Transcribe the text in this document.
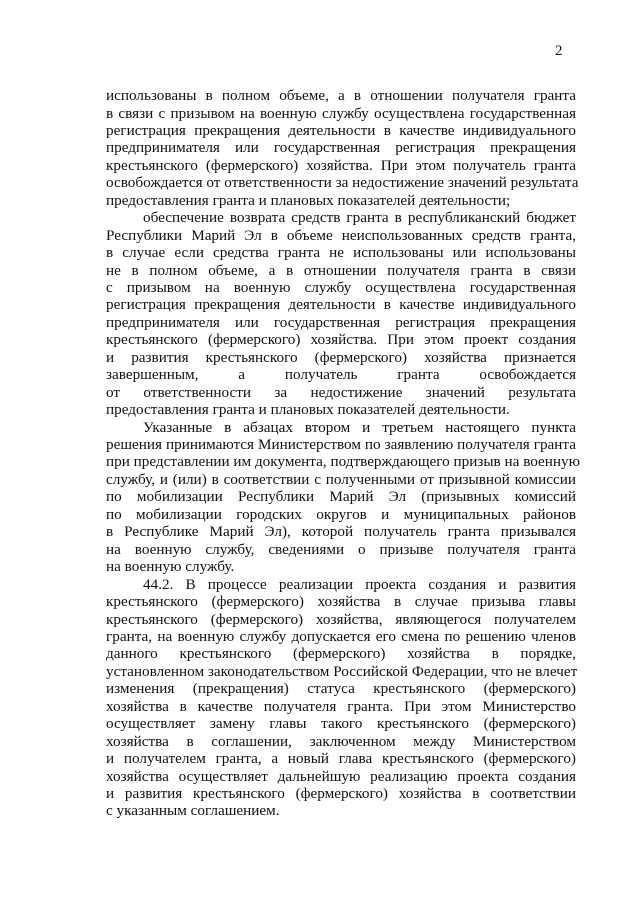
2
использованы в полном объеме, а в отношении получателя гранта
в связи с призывом на военную службу осуществлена государственная
регистрация прекращения деятельности в качестве индивидуального
предпринимателя или государственная регистрация прекращения
крестьянского (фермерского) хозяйства. При этом получатель гранта
освобождается от ответственности за недостижение значений результата
предоставления гранта и плановых показателей деятельности;
обеспечение возврата средств гранта в республиканский бюджет
Республики Марий Эл в объеме неиспользованных средств гранта,
в случае если средства гранта не использованы или использованы
не в полном объеме, а в отношении получателя гранта в связи
с призывом на военную службу осуществлена государственная
регистрация прекращения деятельности в качестве индивидуального
предпринимателя или государственная регистрация прекращения
крестьянского (фермерского) хозяйства. При этом проект создания
и развития крестьянского (фермерского) хозяйства признается
завершенным, а получатель гранта освобождается
от ответственности за недостижение значений результата
предоставления гранта и плановых показателей деятельности.
Указанные в абзацах втором и третьем настоящего пункта
решения принимаются Министерством по заявлению получателя гранта
при представлении им документа, подтверждающего призыв на военную
службу, и (или) в соответствии с полученными от призывной комиссии
по мобилизации Республики Марий Эл (призывных комиссий
по мобилизации городских округов и муниципальных районов
в Республике Марий Эл), которой получатель гранта призывался
на военную службу, сведениями о призыве получателя гранта
на военную службу.
44.2. В процессе реализации проекта создания и развития
крестьянского (фермерского) хозяйства в случае призыва главы
крестьянского (фермерского) хозяйства, являющегося получателем
гранта, на военную службу допускается его смена по решению членов
данного крестьянского (фермерского) хозяйства в порядке,
установленном законодательством Российской Федерации, что не влечет
изменения (прекращения) статуса крестьянского (фермерского)
хозяйства в качестве получателя гранта. При этом Министерство
осуществляет замену главы такого крестьянского (фермерского)
хозяйства в соглашении, заключенном между Министерством
и получателем гранта, а новый глава крестьянского (фермерского)
хозяйства осуществляет дальнейшую реализацию проекта создания
и развития крестьянского (фермерского) хозяйства в соответствии
с указанным соглашением.
